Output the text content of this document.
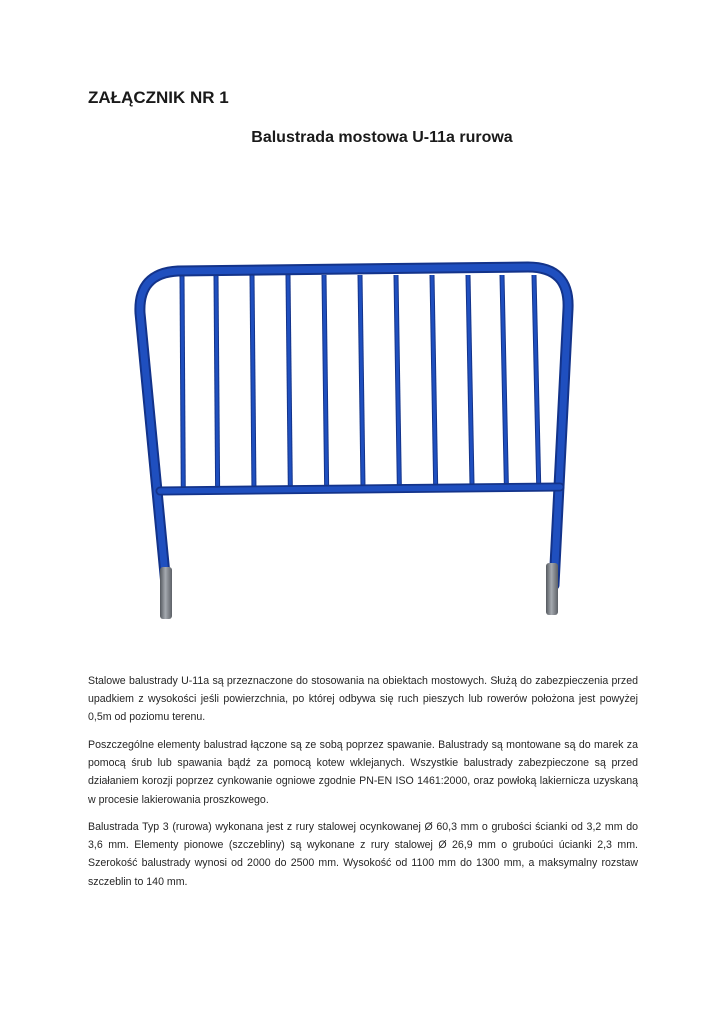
ZAŁĄCZNIK NR 1
Balustrada mostowa U-11a rurowa

Stalowe balustrady U-11a są przeznaczone do stosowania na obiektach mostowych. Służą do zabezpieczenia przed upadkiem z wysokości jeśli powierzchnia, po której odbywa się ruch pieszych lub rowerów położona jest powyżej 0,5m od poziomu terenu.

Poszczególne elementy balustrad łączone są ze sobą poprzez spawanie. Balustrady są montowane są do marek za pomocą śrub lub spawania bądź za pomocą kotew wklejanych. Wszystkie balustrady zabezpieczone są przed działaniem korozji poprzez cynkowanie ogniowe zgodnie PN-EN ISO 1461:2000, oraz powłoką lakiernicza uzyskaną w procesie lakierowania proszkowego.

Balustrada Typ 3 (rurowa) wykonana jest z rury stalowej ocynkowanej Ø 60,3 mm o grubości ścianki od 3,2 mm do 3,6 mm. Elementy pionowe (szczebliny) są wykonane z rury stalowej Ø 26,9 mm o gruboúci úcianki 2,3 mm. Szerokość balustrady wynosi od 2000 do 2500 mm. Wysokość od 1100 mm do 1300 mm, a maksymalny rozstaw szczeblin to 140 mm.
